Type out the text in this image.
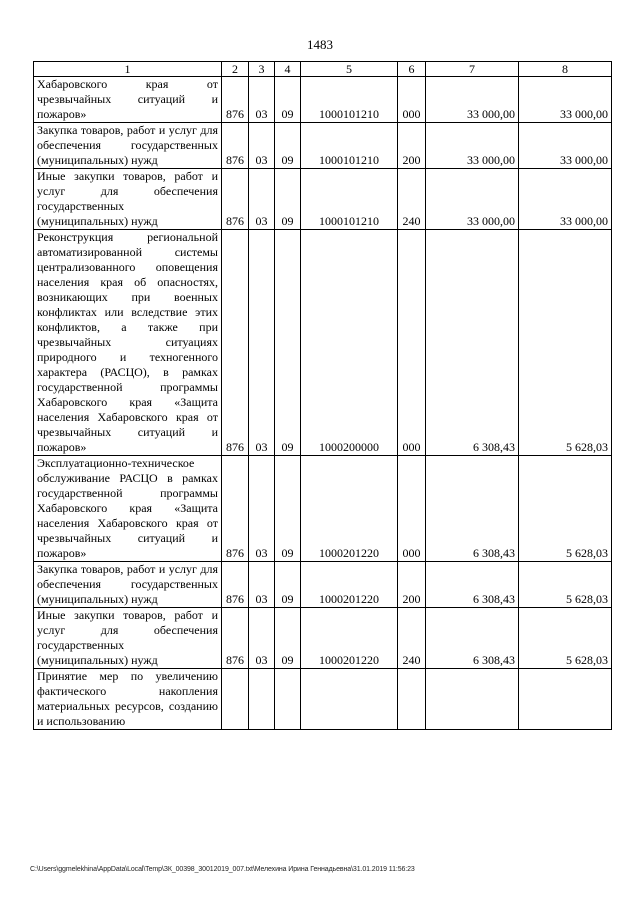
1483
1	2	3	4	5	6	7	8
Хабаровского края от чрезвычайных ситуаций и пожаров»	876	03	09	1000101210	000	33 000,00	33 000,00
Закупка товаров, работ и услуг для обеспечения государственных (муниципальных) нужд	876	03	09	1000101210	200	33 000,00	33 000,00
Иные закупки товаров, работ и услуг для обеспечения государственных (муниципальных) нужд	876	03	09	1000101210	240	33 000,00	33 000,00
Реконструкция региональной автоматизированной системы централизованного оповещения населения края об опасностях, возникающих при военных конфликтах или вследствие этих конфликтов, а также при чрезвычайных ситуациях природного и техногенного характера (РАСЦО), в рамках государственной программы Хабаровского края «Защита населения Хабаровского края от чрезвычайных ситуаций и пожаров»	876	03	09	1000200000	000	6 308,43	5 628,03
Эксплуатационно-техническое обслуживание РАСЦО в рамках государственной программы Хабаровского края «Защита населения Хабаровского края от чрезвычайных ситуаций и пожаров»	876	03	09	1000201220	000	6 308,43	5 628,03
Закупка товаров, работ и услуг для обеспечения государственных (муниципальных) нужд	876	03	09	1000201220	200	6 308,43	5 628,03
Иные закупки товаров, работ и услуг для обеспечения государственных (муниципальных) нужд	876	03	09	1000201220	240	6 308,43	5 628,03
Принятие мер по увеличению фактического накопления материальных ресурсов, созданию и использованию							
C:\Users\ggmelekhina\AppData\Local\Temp\ЗК_00398_30012019_007.txt\Мелехина Ирина Геннадьевна\31.01.2019 11:56:23
